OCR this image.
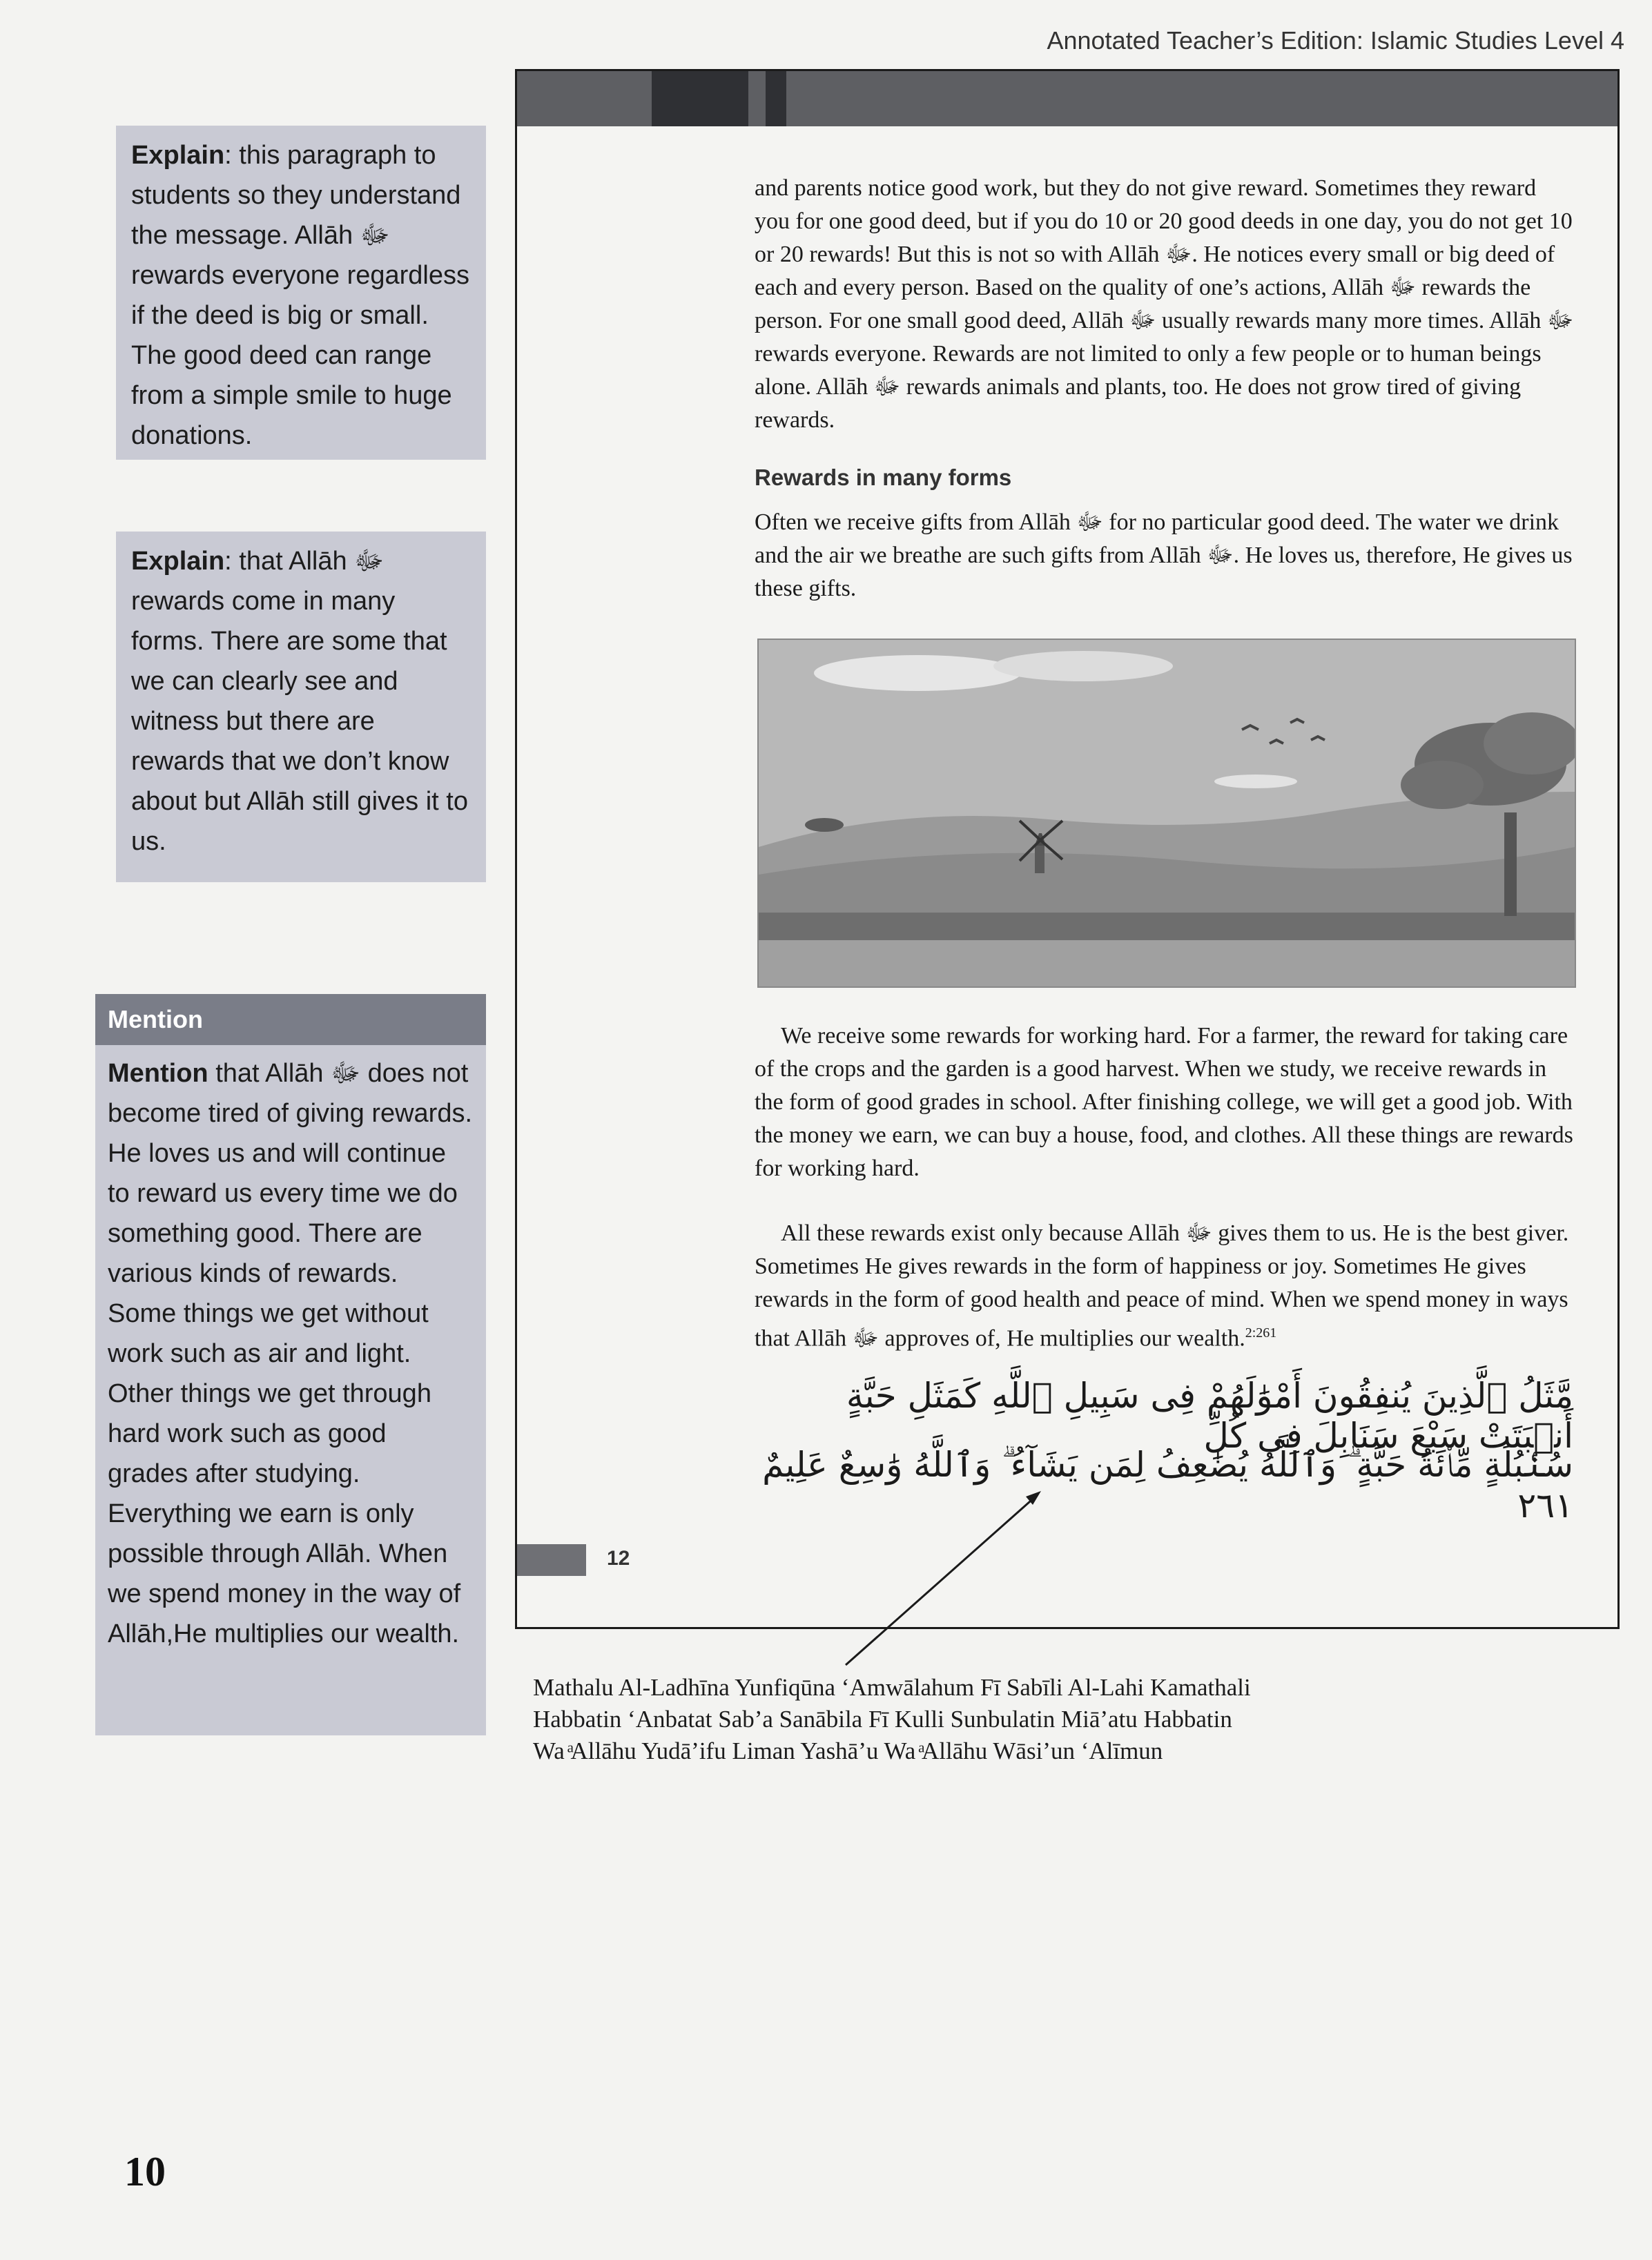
Annotated Teacher’s Edition: Islamic Studies Level 4
Explain: this paragraph to students so they understand the message. Allāh ﷻ rewards everyone regardless if the deed is big or small. The good deed can range from a simple smile to huge donations.
Explain: that Allāh ﷻ rewards come in many forms. There are some that we can clearly see and witness but there are rewards that we don’t know about but Allāh still gives it to us.
Mention
Mention that Allāh ﷻ does not become tired of giving rewards. He loves us and will continue to reward us every time we do something good. There are various kinds of rewards. Some things we get without work such as air and light. Other things we get through hard work such as good grades after studying. Everything we earn is only possible through Allāh. When we spend money in the way of Allāh,He multiplies our wealth.
and parents notice good work, but they do not give reward. Sometimes they reward you for one good deed, but if you do 10 or 20 good deeds in one day, you do not get 10 or 20 rewards! But this is not so with Allāh ﷻ. He notices every small or big deed of each and every person. Based on the quality of one’s actions, Allāh ﷻ rewards the person. For one small good deed, Allāh ﷻ usually rewards many more times. Allāh ﷻ rewards everyone. Rewards are not limited to only a few people or to human beings alone. Allāh ﷻ rewards animals and plants, too. He does not grow tired of giving rewards.
Rewards in many forms
Often we receive gifts from Allāh ﷻ for no particular good deed. The water we drink and the air we breathe are such gifts from Allāh ﷻ. He loves us, therefore, He gives us these gifts.
We receive some rewards for working hard. For a farmer, the reward for taking care of the crops and the garden is a good harvest. When we study, we receive rewards in the form of good grades in school. After finishing college, we will get a good job. With the money we earn, we can buy a house, food, and clothes. All these things are rewards for working hard.
All these rewards exist only because Allāh ﷻ gives them to us. He is the best giver. Sometimes He gives rewards in the form of happiness or joy. Sometimes He gives rewards in the form of good health and peace of mind. When we spend money in ways that Allāh ﷻ approves of, He multiplies our wealth.$^{2:261}$
مَّثَلُ ٱلَّذِينَ يُنفِقُونَ أَمْوَٰلَهُمْ فِى سَبِيلِ ٱللَّهِ كَمَثَلِ حَبَّةٍ أَنۢبَتَتْ سَبْعَ سَنَابِلَ فِى كُلِّ
سُنۢبُلَةٍ مِّا۟ئَةُ حَبَّةٍ ۗ وَٱللَّهُ يُضَٰعِفُ لِمَن يَشَآءُ ۗ وَٱللَّهُ وَٰسِعٌ عَلِيمٌ ٢٦١
12
Mathalu Al-Ladhīna Yunfiqūna ‘Amwālahum Fī Sabīli Al-Lahi Kamathali
Habbatin ‘Anbatat Sab’a Sanābila Fī Kulli Sunbulatin Miā’atu Habbatin
Wa ͣAllāhu Yudā’ifu Liman Yashā’u Wa ͣAllāhu Wāsi’un ‘Alīmun
10
